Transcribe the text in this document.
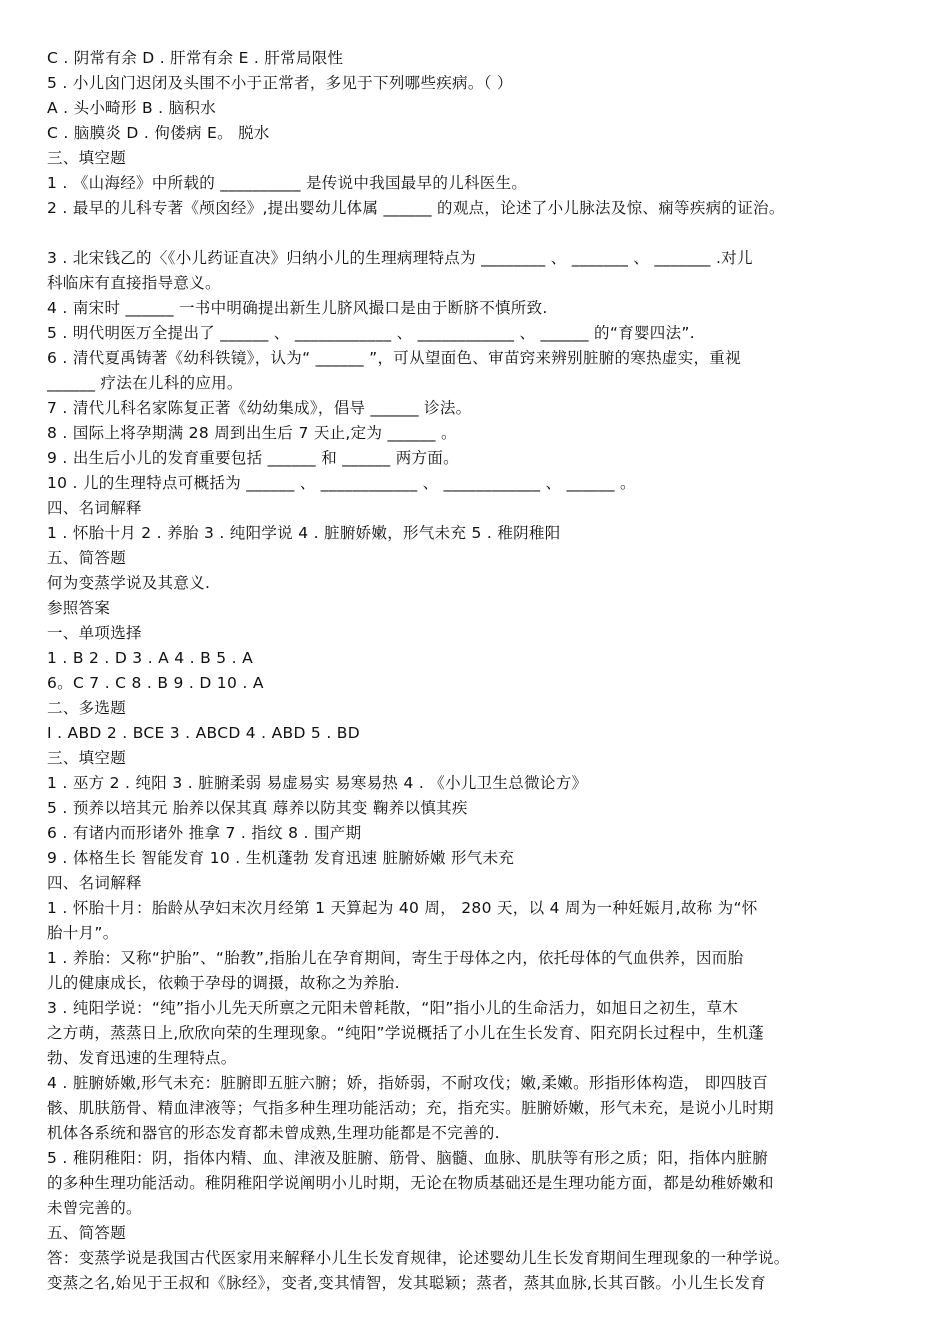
C . 阴常有余 D . 肝常有余 E . 肝常局限性
5 . 小儿囟门迟闭及头围不小于正常者，多见于下列哪些疾病。（ ）
A . 头小畸形 B . 脑积水
C . 脑膜炎 D . 佝偻病 E。 脱水
三、填空题
1 . 《山海经》中所载的 __________ 是传说中我国最早的儿科医生。
2 . 最早的儿科专著《颅囟经》,提出婴幼儿体属 ______ 的观点，论述了小儿脉法及惊、痫等疾病的证治。
3 . 北宋钱乙的〈《小儿药证直决》归纳小儿的生理病理特点为 ________ 、 _______ 、 _______ .对儿
科临床有直接指导意义。
4 . 南宋时 ______ 一书中明确提出新生儿脐风撮口是由于断脐不慎所致.
5 . 明代明医万全提出了 ______ 、 ____________ 、 ____________ 、 ______ 的“育婴四法”.
6 . 清代夏禹铸著《幼科铁镜》，认为“ ______ ”，可从望面色、审苗窍来辨别脏腑的寒热虚实，重视
______ 疗法在儿科的应用。
7 . 清代儿科名家陈复正著《幼幼集成》，倡导 ______ 诊法。
8 . 国际上将孕期满 28 周到出生后 7 天止,定为 ______ 。
9 . 出生后小儿的发育重要包括 ______ 和 ______ 两方面。
10 . 儿的生理特点可概括为 ______ 、 ____________ 、 ____________ 、 ______ 。
四、名词解释
1 . 怀胎十月 2 . 养胎 3 . 纯阳学说 4 . 脏腑娇嫩，形气未充 5 . 稚阴稚阳
五、简答题
何为变蒸学说及其意义.
参照答案
一、单项选择
1 . B 2 . D 3 . A 4 . B 5 . A
6。C 7 . C 8 . B 9 . D 10 . A
二、多选题
I . ABD 2 . BCE 3 . ABCD 4 . ABD 5 . BD
三、填空题
1 . 巫方 2 . 纯阳 3 . 脏腑柔弱 易虚易实 易寒易热 4 . 《小儿卫生总微论方》
5 . 预养以培其元 胎养以保其真 蓐养以防其变 鞠养以慎其疾
6 . 有诸内而形诸外 推拿 7 . 指纹 8 . 围产期
9 . 体格生长 智能发育 10 . 生机蓬勃 发育迅速 脏腑娇嫩 形气未充
四、名词解释
1 . 怀胎十月：胎龄从孕妇末次月经第 1 天算起为 40 周， 280 天，以 4 周为一种妊娠月,故称 为“怀
胎十月”。
1 . 养胎：又称“护胎”、“胎教”,指胎儿在孕育期间，寄生于母体之内，依托母体的气血供养，因而胎
儿的健康成长，依赖于孕母的调摄，故称之为养胎.
3 . 纯阳学说：“纯”指小儿先天所禀之元阳未曾耗散，“阳”指小儿的生命活力，如旭日之初生，草木
之方萌，蒸蒸日上,欣欣向荣的生理现象。“纯阳”学说概括了小儿在生长发育、阳充阴长过程中，生机蓬
勃、发育迅速的生理特点。
4 . 脏腑娇嫩,形气未充：脏腑即五脏六腑；娇，指娇弱，不耐攻伐；嫩,柔嫩。形指形体构造， 即四肢百
骸、肌肤筋骨、精血津液等；气指多种生理功能活动；充，指充实。脏腑娇嫩，形气未充，是说小儿时期
机体各系统和器官的形态发育都未曾成熟,生理功能都是不完善的.
5 . 稚阴稚阳：阴，指体内精、血、津液及脏腑、筋骨、脑髓、血脉、肌肤等有形之质；阳，指体内脏腑
的多种生理功能活动。稚阴稚阳学说阐明小儿时期，无论在物质基础还是生理功能方面，都是幼稚娇嫩和
未曾完善的。
五、简答题
答：变蒸学说是我国古代医家用来解释小儿生长发育规律，论述婴幼儿生长发育期间生理现象的一种学说。
变蒸之名,始见于王叔和《脉经》，变者,变其情智，发其聪颖；蒸者，蒸其血脉,长其百骸。小儿生长发育
